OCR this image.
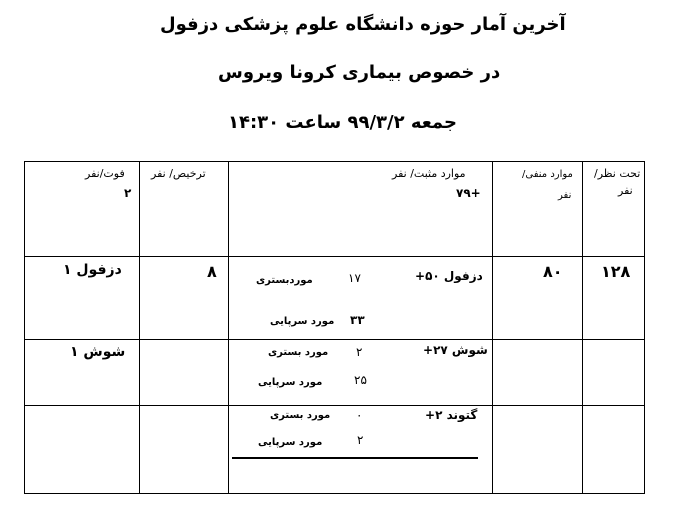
آخرین آمار حوزه دانشگاه علوم پزشکی دزفول
در خصوص بیماری کرونا ویروس
جمعه ۹۹/۳/۲ ساعت ۱۴:۳۰
تحت نظر/
نفر
موارد منفی/
نفر
موارد مثبت/ نفر
۷۹+
ترخیص/ نفر
فوت/نفر
۲
۱۲۸
۸۰
دزفول ۵۰+
۱۷
موردبستری
۳۳
مورد سرپایی
۸
دزفول ۱
شوش ۲۷+
۲
مورد بستری
۲۵
مورد سرپایی
شوش ۱
گتوند ۲+
۰
مورد بستری
۲
مورد سرپایی
